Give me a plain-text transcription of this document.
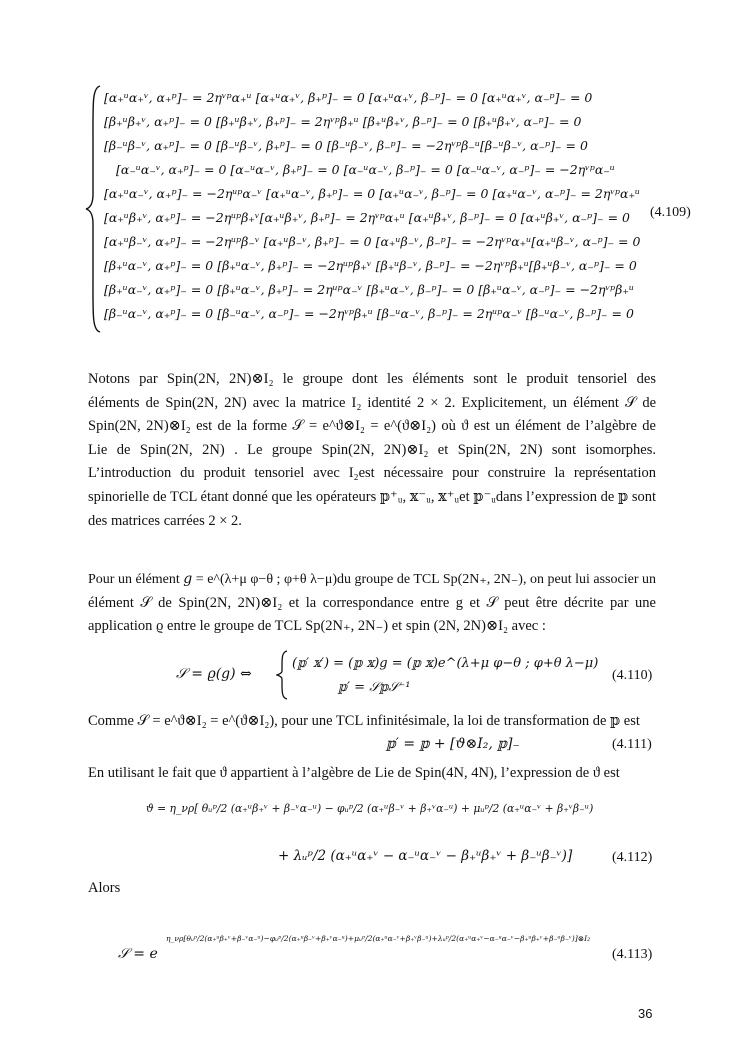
[α₊ᵘα₊ᵛ, α₊ᵖ]₋ = 2ηᵛᵖα₊ᵘ [α₊ᵘα₊ᵛ, β₊ᵖ]₋ = 0 [α₊ᵘα₊ᵛ, β₋ᵖ]₋ = 0 [α₊ᵘα₊ᵛ, α₋ᵖ]₋ = 0
[β₊ᵘβ₊ᵛ, α₊ᵖ]₋ = 0 [β₊ᵘβ₊ᵛ, β₊ᵖ]₋ = 2ηᵛᵖβ₊ᵘ [β₊ᵘβ₊ᵛ, β₋ᵖ]₋ = 0 [β₊ᵘβ₊ᵛ, α₋ᵖ]₋ = 0
[β₋ᵘβ₋ᵛ, α₊ᵖ]₋ = 0 [β₋ᵘβ₋ᵛ, β₊ᵖ]₋ = 0 [β₋ᵘβ₋ᵛ, β₋ᵖ]₋ = −2ηᵛᵖβ₋ᵘ[β₋ᵘβ₋ᵛ, α₋ᵖ]₋ = 0
[α₋ᵘα₋ᵛ, α₊ᵖ]₋ = 0 [α₋ᵘα₋ᵛ, β₊ᵖ]₋ = 0 [α₋ᵘα₋ᵛ, β₋ᵖ]₋ = 0 [α₋ᵘα₋ᵛ, α₋ᵖ]₋ = −2ηᵛᵖα₋ᵘ
[α₊ᵘα₋ᵛ, α₊ᵖ]₋ = −2ηᵘᵖα₋ᵛ [α₊ᵘα₋ᵛ, β₊ᵖ]₋ = 0 [α₊ᵘα₋ᵛ, β₋ᵖ]₋ = 0 [α₊ᵘα₋ᵛ, α₋ᵖ]₋ = 2ηᵛᵖα₊ᵘ
[α₊ᵘβ₊ᵛ, α₊ᵖ]₋ = −2ηᵘᵖβ₊ᵛ[α₊ᵘβ₊ᵛ, β₊ᵖ]₋ = 2ηᵛᵖα₊ᵘ [α₊ᵘβ₊ᵛ, β₋ᵖ]₋ = 0 [α₊ᵘβ₊ᵛ, α₋ᵖ]₋ = 0
[α₊ᵘβ₋ᵛ, α₊ᵖ]₋ = −2ηᵘᵖβ₋ᵛ [α₊ᵘβ₋ᵛ, β₊ᵖ]₋ = 0 [α₊ᵘβ₋ᵛ, β₋ᵖ]₋ = −2ηᵛᵖα₊ᵘ[α₊ᵘβ₋ᵛ, α₋ᵖ]₋ = 0
[β₊ᵘα₋ᵛ, α₊ᵖ]₋ = 0 [β₊ᵘα₋ᵛ, β₊ᵖ]₋ = −2ηᵘᵖβ₊ᵛ [β₊ᵘβ₋ᵛ, β₋ᵖ]₋ = −2ηᵛᵖβ₊ᵘ[β₊ᵘβ₋ᵛ, α₋ᵖ]₋ = 0
[β₊ᵘα₋ᵛ, α₊ᵖ]₋ = 0 [β₊ᵘα₋ᵛ, β₊ᵖ]₋ = 2ηᵘᵖα₋ᵛ [β₊ᵘα₋ᵛ, β₋ᵖ]₋ = 0 [β₊ᵘα₋ᵛ, α₋ᵖ]₋ = −2ηᵛᵖβ₊ᵘ
[β₋ᵘα₋ᵛ, α₊ᵖ]₋ = 0 [β₋ᵘα₋ᵛ, α₋ᵖ]₋ = −2ηᵛᵖβ₊ᵘ [β₋ᵘα₋ᵛ, β₋ᵖ]₋ = 2ηᵘᵖα₋ᵛ [β₋ᵘα₋ᵛ, β₋ᵖ]₋ = 0
(4.109)
Notons par Spin(2N, 2N)⊗I₂ le groupe dont les éléments sont le produit tensoriel des
éléments de Spin(2N, 2N) avec la matrice I₂ identité 2 × 2. Explicitement, un élément 𝒮 de
Spin(2N, 2N)⊗I₂ est de la forme 𝒮 = e^ϑ⊗I₂ = e^(ϑ⊗I₂) où ϑ est un élément de l’algèbre de
Lie de Spin(2N, 2N) . Le groupe Spin(2N, 2N)⊗I₂ et Spin(2N, 2N) sont isomorphes.
L’introduction du produit tensoriel avec I₂est nécessaire pour construire la représentation
spinorielle de TCL étant donné que les opérateurs 𝕡⁺ᵤ, 𝕩⁻ᵤ, 𝕩⁺ᵤet 𝕡⁻ᵤdans l’expression de 𝕡 sont
des matrices carrées 2 × 2.
Pour un élément 𝑔 = e^(λ+μ φ−θ ; φ+θ λ−μ)du groupe de TCL Sp(2N₊, 2N₋), on peut lui associer un
élément 𝒮 de Spin(2N, 2N)⊗I₂ et la correspondance entre g et 𝒮 peut être décrite par une
application ϱ entre le groupe de TCL Sp(2N₊, 2N₋) et spin (2N, 2N)⊗I₂ avec :
𝒮 = ϱ(𝑔) ⇔
(𝕡′ 𝕩′) = (𝕡 𝕩)𝑔 = (𝕡 𝕩)e^(λ+μ φ−θ ; φ+θ λ−μ)
𝕡′ = 𝒮𝕡𝒮⁻¹
(4.110)
Comme 𝒮 = e^ϑ⊗I₂ = e^(ϑ⊗I₂), pour une TCL infinitésimale, la loi de transformation de 𝕡 est
𝕡′ = 𝕡 + [ϑ⊗I₂, 𝕡]₋	(4.111)
En utilisant le fait que ϑ appartient à l’algèbre de Lie de Spin(4N, 4N), l’expression de ϑ est
ϑ = η_νρ[ θᵤᵖ/2 (α₊ᵘβ₊ᵛ + β₋ᵛα₋ᵘ) − φᵤᵖ/2 (α₊ᵘβ₋ᵛ + β₊ᵛα₋ᵘ) + μᵤᵖ/2 (α₊ᵘα₋ᵛ + β₊ᵛβ₋ᵘ)
+ λᵤᵖ/2 (α₊ᵘα₊ᵛ − α₋ᵘα₋ᵛ − β₊ᵘβ₊ᵛ + β₋ᵘβ₋ᵛ)]	(4.112)
Alors
𝒮 = e
η_νρ[θᵤᵖ/2(α₊ᵘβ₊ᵛ+β₋ᵛα₋ᵘ)−φᵤᵖ/2(α₊ᵘβ₋ᵛ+β₊ᵛα₋ᵘ)+μᵤᵖ/2(α₊ᵘα₋ᵛ+β₊ᵛβ₋ᵘ)+λᵤᵖ/2(α₊ᵘα₊ᵛ−α₋ᵘα₋ᵛ−β₊ᵘβ₊ᵛ+β₋ᵘβ₋ᵛ)]⊗I₂
(4.113)
36
